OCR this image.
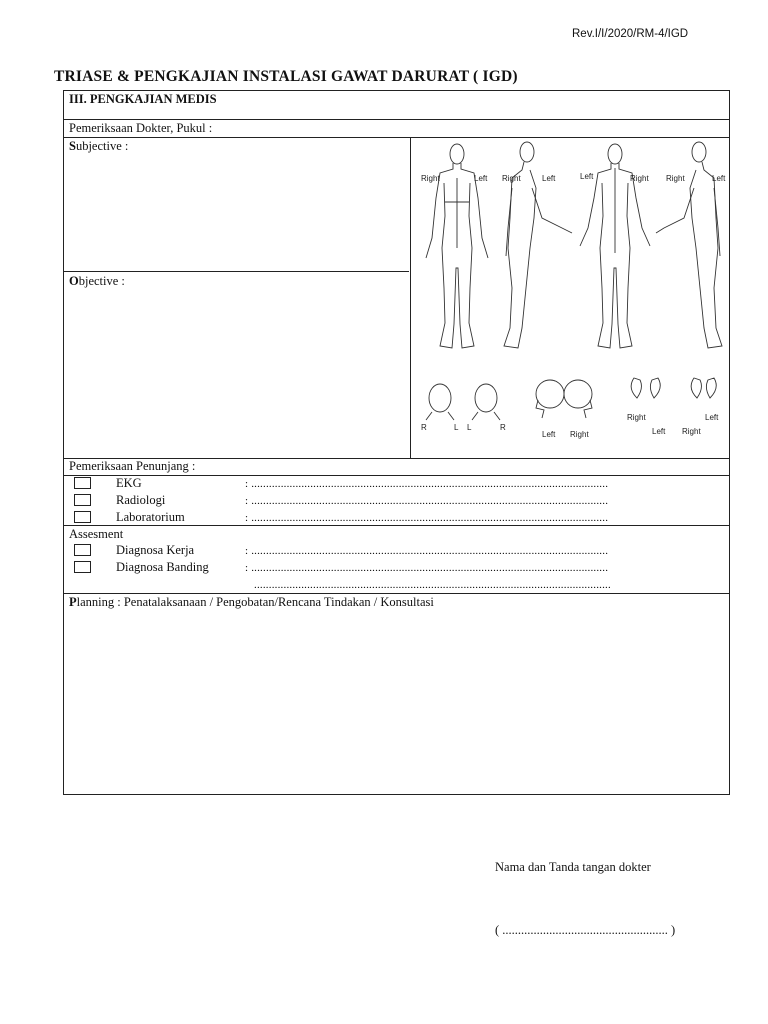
Rev.I/I/2020/RM-4/IGD
TRIASE & PENGKAJIAN INSTALASI GAWAT DARURAT ( IGD)
III. PENGKAJIAN MEDIS
Pemeriksaan Dokter, Pukul :
Subjective :
Objective :
Right	Left Right	Left	Left	Right Right	Left
R	L L	R
Left Right
Right	Left
Left Right
Pemeriksaan Penunjang :
EKG	: .........................................................................................................................
Radiologi	: .........................................................................................................................
Laboratorium	: .........................................................................................................................
Assesment
Diagnosa Kerja	: .........................................................................................................................
Diagnosa Banding	: .........................................................................................................................
.........................................................................................................................
Planning : Penatalaksanaan / Pengobatan/Rencana Tindakan / Konsultasi
Nama dan Tanda tangan dokter
( ..................................................... )
